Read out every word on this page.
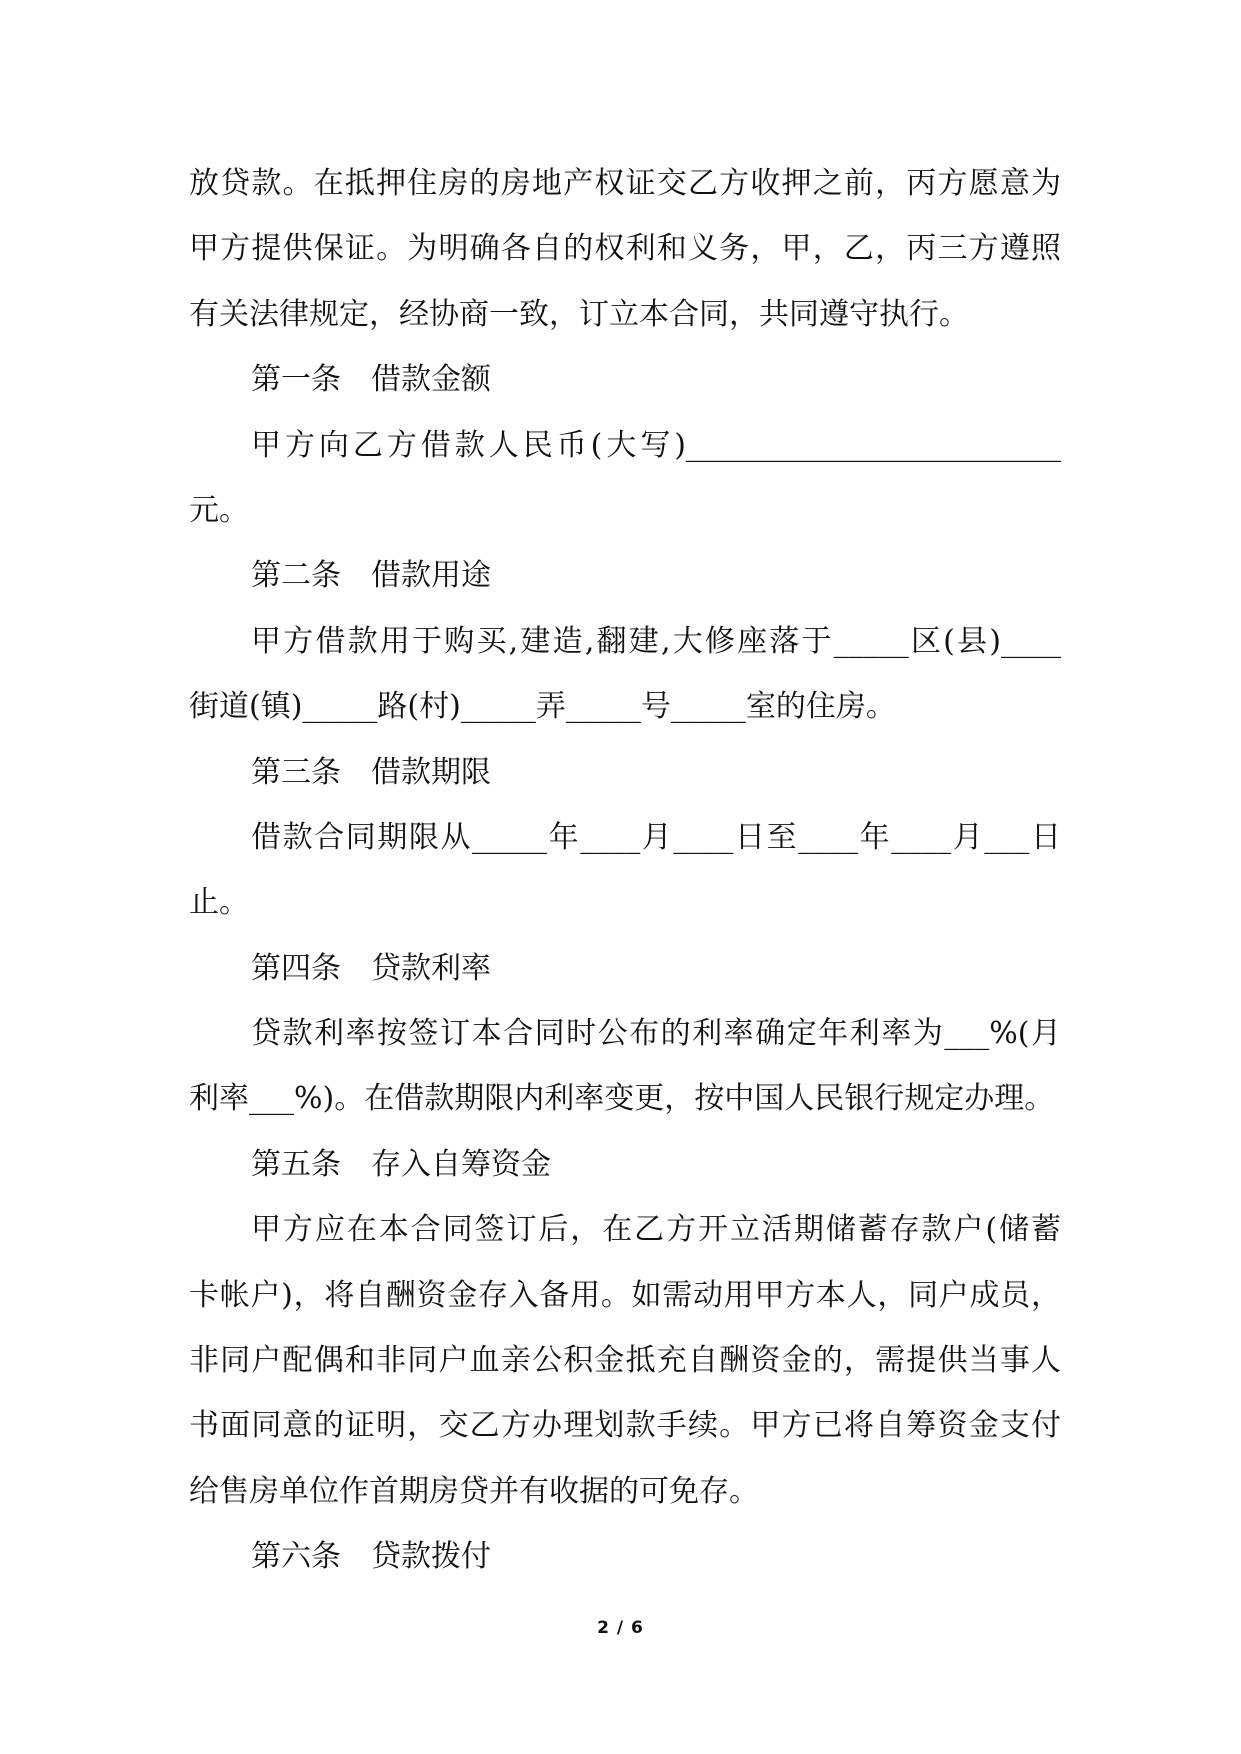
放贷款。在抵押住房的房地产权证交乙方收押之前，丙方愿意为
甲方提供保证。为明确各自的权利和义务，甲，乙，丙三方遵照
有关法律规定，经协商一致，订立本合同，共同遵守执行。
第一条　借款金额
甲方向乙方借款人民币(大写)_________________________
元。
第二条　借款用途
甲方借款用于购买,建造,翻建,大修座落于_____区(县)____
街道(镇)_____路(村)_____弄_____号_____室的住房。
第三条　借款期限
借款合同期限从_____年____月____日至____年____月___日
止。
第四条　贷款利率
贷款利率按签订本合同时公布的利率确定年利率为___%(月
利率___%)。在借款期限内利率变更，按中国人民银行规定办理。
第五条　存入自筹资金
甲方应在本合同签订后，在乙方开立活期储蓄存款户(储蓄
卡帐户)，将自酬资金存入备用。如需动用甲方本人，同户成员，
非同户配偶和非同户血亲公积金抵充自酬资金的，需提供当事人
书面同意的证明，交乙方办理划款手续。甲方已将自筹资金支付
给售房单位作首期房贷并有收据的可免存。
第六条　贷款拨付
2 / 6
